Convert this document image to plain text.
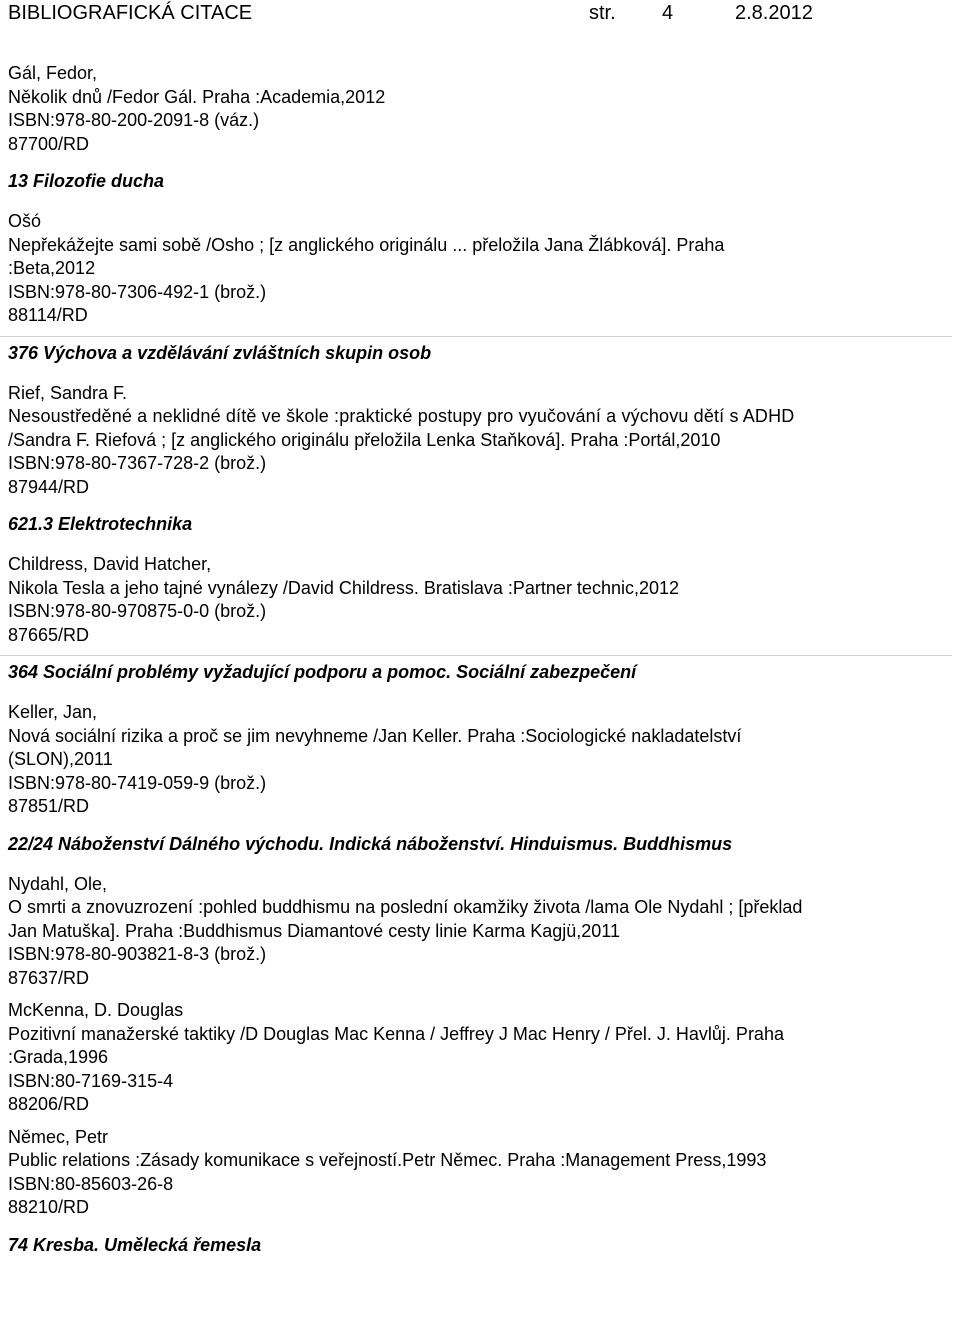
BIBLIOGRAFICKÁ CITACE	str. 4	2.8.2012
Gál, Fedor,
Několik dnů /Fedor Gál. Praha :Academia,2012
ISBN:978-80-200-2091-8 (váz.)
87700/RD
13 Filozofie ducha
Ošó
Nepřekážejte sami sobě /Osho ; [z anglického originálu ... přeložila Jana Žlábková]. Praha
:Beta,2012
ISBN:978-80-7306-492-1 (brož.)
88114/RD
376 Výchova a vzdělávání zvláštních skupin osob
Rief, Sandra F.
Nesoustředěné a neklidné dítě ve škole :praktické postupy pro vyučování a výchovu dětí s ADHD
/Sandra F. Riefová ; [z anglického originálu přeložila Lenka Staňková]. Praha :Portál,2010
ISBN:978-80-7367-728-2 (brož.)
87944/RD
621.3 Elektrotechnika
Childress, David Hatcher,
Nikola Tesla a jeho tajné vynálezy /David Childress. Bratislava :Partner technic,2012
ISBN:978-80-970875-0-0 (brož.)
87665/RD
364 Sociální problémy vyžadující podporu a pomoc. Sociální zabezpečení
Keller, Jan,
Nová sociální rizika a proč se jim nevyhneme /Jan Keller. Praha :Sociologické nakladatelství
(SLON),2011
ISBN:978-80-7419-059-9 (brož.)
87851/RD
22/24 Náboženství Dálného východu. Indická náboženství. Hinduismus. Buddhismus
Nydahl, Ole,
O smrti a znovuzrození :pohled buddhismu na poslední okamžiky života /lama Ole Nydahl ; [překlad
Jan Matuška]. Praha :Buddhismus Diamantové cesty linie Karma Kagjü,2011
ISBN:978-80-903821-8-3 (brož.)
87637/RD
McKenna, D. Douglas
Pozitivní manažerské taktiky /D Douglas Mac Kenna / Jeffrey J Mac Henry / Přel. J. Havlůj. Praha
:Grada,1996
ISBN:80-7169-315-4
88206/RD
Němec, Petr
Public relations :Zásady komunikace s veřejností.Petr Němec. Praha :Management Press,1993
ISBN:80-85603-26-8
88210/RD
74 Kresba. Umělecká řemesla
